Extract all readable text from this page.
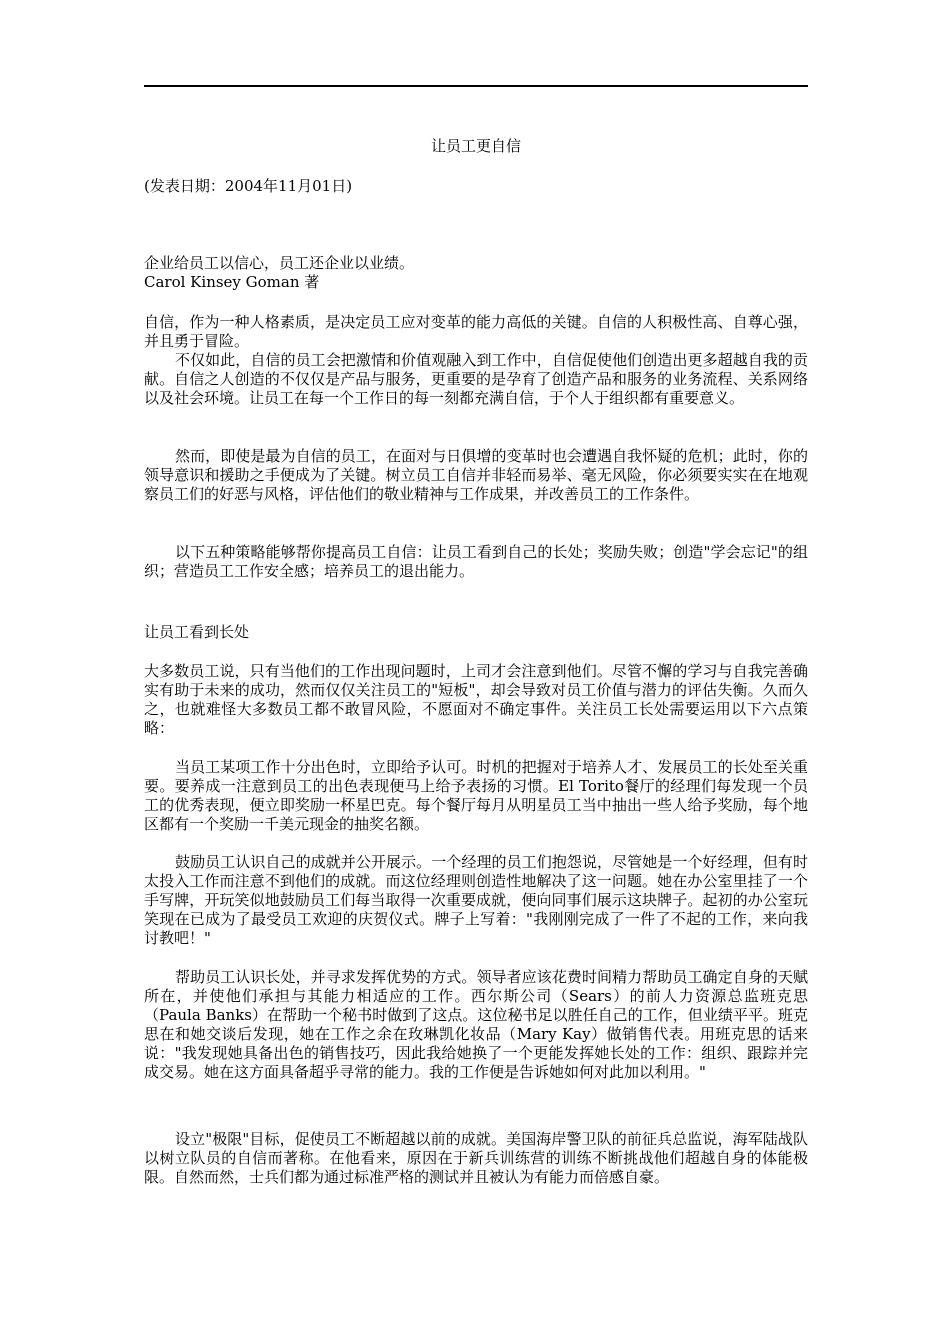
让员工更自信
(发表日期：2004年11月01日)

企业给员工以信心，员工还企业以业绩。

Carol Kinsey Goman 著

自信，作为一种人格素质，是决定员工应对变革的能力高低的关键。自信的人积极性高、自尊心强，并且勇于冒险。

不仅如此，自信的员工会把激情和价值观融入到工作中，自信促使他们创造出更多超越自我的贡献。自信之人创造的不仅仅是产品与服务，更重要的是孕育了创造产品和服务的业务流程、关系网络以及社会环境。让员工在每一个工作日的每一刻都充满自信，于个人于组织都有重要意义。

然而，即使是最为自信的员工，在面对与日俱增的变革时也会遭遇自我怀疑的危机；此时，你的领导意识和援助之手便成为了关键。树立员工自信并非轻而易举、毫无风险，你必须要实实在在地观察员工们的好恶与风格，评估他们的敬业精神与工作成果，并改善员工的工作条件。

以下五种策略能够帮你提高员工自信：让员工看到自己的长处；奖励失败；创造"学会忘记"的组织；营造员工工作安全感；培养员工的退出能力。

让员工看到长处

大多数员工说，只有当他们的工作出现问题时，上司才会注意到他们。尽管不懈的学习与自我完善确实有助于未来的成功，然而仅仅关注员工的"短板"，却会导致对员工价值与潜力的评估失衡。久而久之，也就难怪大多数员工都不敢冒风险，不愿面对不确定事件。关注员工长处需要运用以下六点策略：

当员工某项工作十分出色时，立即给予认可。时机的把握对于培养人才、发展员工的长处至关重要。要养成一注意到员工的出色表现便马上给予表扬的习惯。El Torito餐厅的经理们每发现一个员工的优秀表现，便立即奖励一杯星巴克。每个餐厅每月从明星员工当中抽出一些人给予奖励，每个地区都有一个奖励一千美元现金的抽奖名额。

鼓励员工认识自己的成就并公开展示。一个经理的员工们抱怨说，尽管她是一个好经理，但有时太投入工作而注意不到他们的成就。而这位经理则创造性地解决了这一问题。她在办公室里挂了一个手写牌，开玩笑似地鼓励员工们每当取得一次重要成就，便向同事们展示这块牌子。起初的办公室玩笑现在已成为了最受员工欢迎的庆贺仪式。牌子上写着："我刚刚完成了一件了不起的工作，来向我讨教吧！"

帮助员工认识长处，并寻求发挥优势的方式。领导者应该花费时间精力帮助员工确定自身的天赋所在，并使他们承担与其能力相适应的工作。西尔斯公司（Sears）的前人力资源总监班克思（Paula Banks）在帮助一个秘书时做到了这点。这位秘书足以胜任自己的工作，但业绩平平。班克思在和她交谈后发现，她在工作之余在玫琳凯化妆品（Mary Kay）做销售代表。用班克思的话来说："我发现她具备出色的销售技巧，因此我给她换了一个更能发挥她长处的工作：组织、跟踪并完成交易。她在这方面具备超乎寻常的能力。我的工作便是告诉她如何对此加以利用。"

设立"极限"目标，促使员工不断超越以前的成就。美国海岸警卫队的前征兵总监说，海军陆战队以树立队员的自信而著称。在他看来，原因在于新兵训练营的训练不断挑战他们超越自身的体能极限。自然而然，士兵们都为通过标准严格的测试并且被认为有能力而倍感自豪。
